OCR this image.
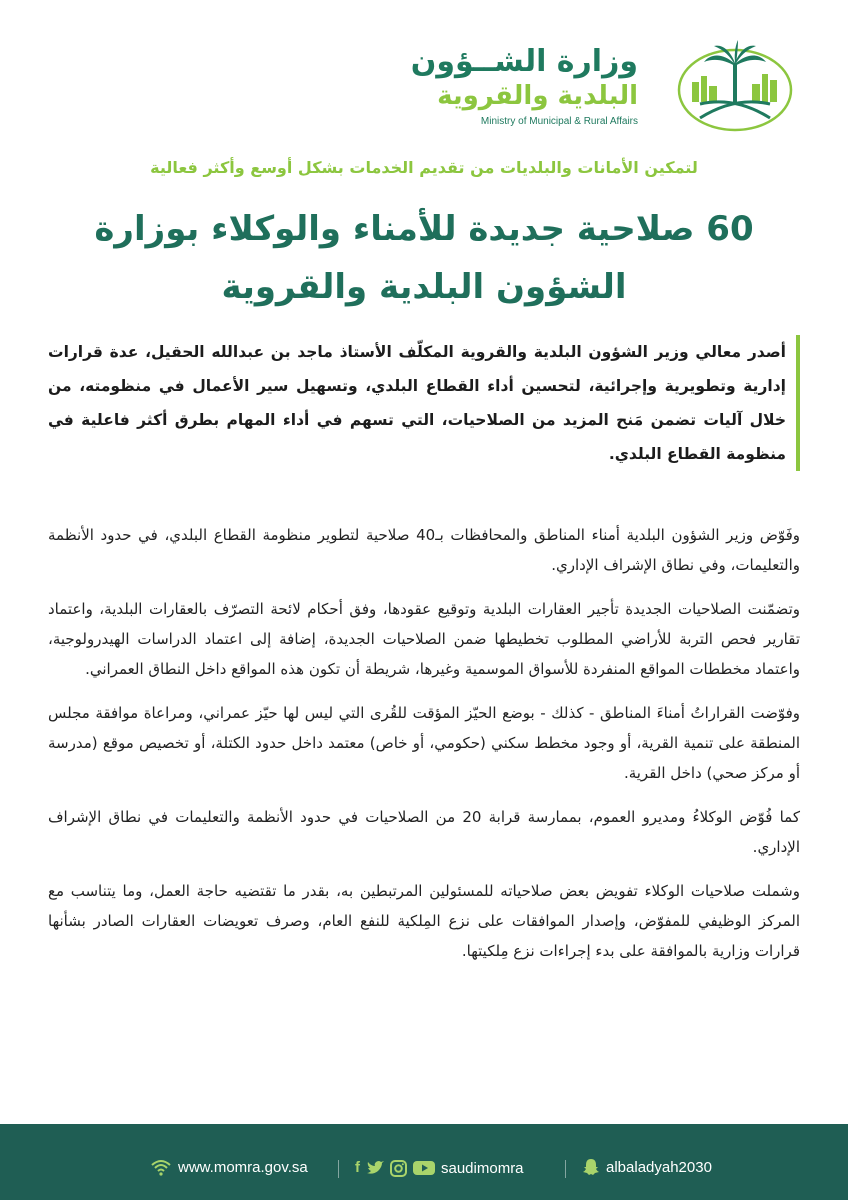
وزارة الشــؤون
البلدية والقروية
Ministry of Municipal & Rural Affairs
لتمكين الأمانات والبلديات من تقديم الخدمات بشكل أوسع وأكثر فعالية
60 صلاحية جديدة للأمناء والوكلاء بوزارة الشؤون البلدية والقروية
أصدر معالي وزير الشؤون البلدية والقروية المكلّف الأستاذ ماجد بن عبدالله الحقيل، عدة قرارات إدارية وتطويرية وإجرائية، لتحسين أداء القطاع البلدي، وتسهيل سير الأعمال في منظومته، من خلال آليات تضمن مَنح المزيد من الصلاحيات، التي تسهم في أداء المهام بطرق أكثر فاعلية في منظومة القطاع البلدي.

وفَوّض وزير الشؤون البلدية أمناء المناطق والمحافظات بـ40 صلاحية لتطوير منظومة القطاع البلدي، في حدود الأنظمة والتعليمات، وفي نطاق الإشراف الإداري.

وتضمّنت الصلاحيات الجديدة تأجير العقارات البلدية وتوقيع عقودها، وفق أحكام لائحة التصرّف بالعقارات البلدية، واعتماد تقارير فحص التربة للأراضي المطلوب تخطيطها ضمن الصلاحيات الجديدة، إضافة إلى اعتماد الدراسات الهيدرولوجية، واعتماد مخططات المواقع المنفردة للأسواق الموسمية وغيرها، شريطة أن تكون هذه المواقع داخل النطاق العمراني.

وفوّضت القراراتُ أمناءَ المناطق - كذلك - بوضع الحيّز المؤقت للقُرى التي ليس لها حيّز عمراني، ومراعاة موافقة مجلس المنطقة على تنمية القرية، أو وجود مخطط سكني (حكومي، أو خاص) معتمد داخل حدود الكتلة، أو تخصيص موقع (مدرسة أو مركز صحي) داخل القرية.

كما فُوّض الوكلاءُ ومديرو العموم، بممارسة قرابة 20 من الصلاحيات في حدود الأنظمة والتعليمات في نطاق الإشراف الإداري.

وشملت صلاحيات الوكلاء تفويض بعض صلاحياته للمسئولين المرتبطين به، بقدر ما تقتضيه حاجة العمل، وما يتناسب مع المركز الوظيفي للمفوّض، وإصدار الموافقات على نزع المِلكية للنفع العام، وصرف تعويضات العقارات الصادر بشأنها قرارات وزارية بالموافقة على بدء إجراءات نزع مِلكيتها.

www.momra.gov.sa	f	saudimomra	albaladyah2030
